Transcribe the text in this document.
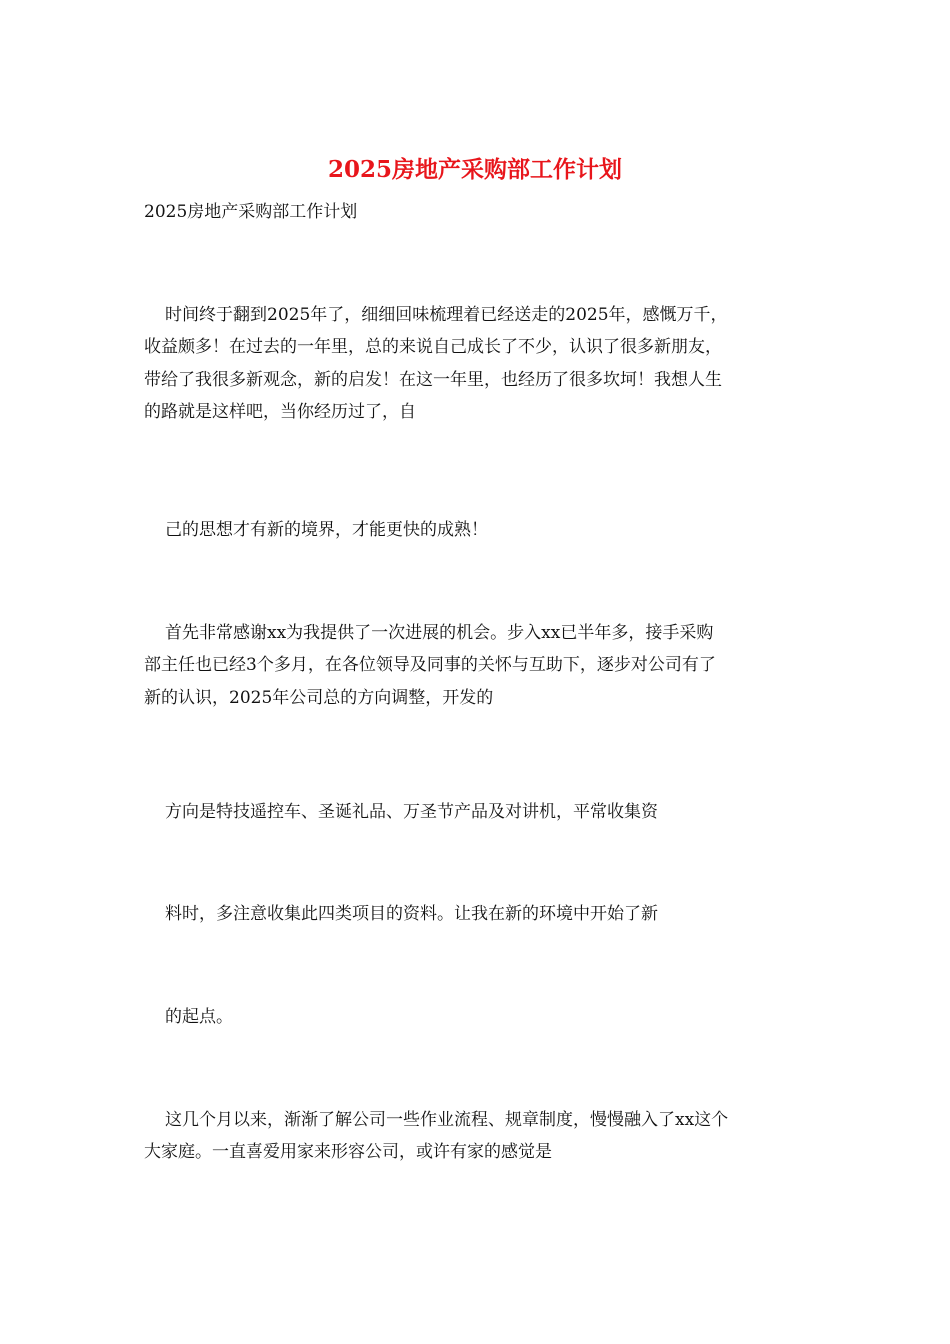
2025房地产采购部工作计划

2025房地产采购部工作计划

时间终于翻到2025年了，细细回味梳理着已经送走的2025年，感慨万千，
收益颇多！在过去的一年里，总的来说自己成长了不少，认识了很多新朋友，
带给了我很多新观念，新的启发！在这一年里，也经历了很多坎坷！我想人生
的路就是这样吧，当你经历过了，自

己的思想才有新的境界，才能更快的成熟！

首先非常感谢xx为我提供了一次进展的机会。步入xx已半年多，接手采购
部主任也已经3个多月，在各位领导及同事的关怀与互助下，逐步对公司有了
新的认识，2025年公司总的方向调整，开发的

方向是特技遥控车、圣诞礼品、万圣节产品及对讲机，平常收集资

料时，多注意收集此四类项目的资料。让我在新的环境中开始了新

的起点。

这几个月以来，渐渐了解公司一些作业流程、规章制度，慢慢融入了xx这个
大家庭。一直喜爱用家来形容公司，或许有家的感觉是
